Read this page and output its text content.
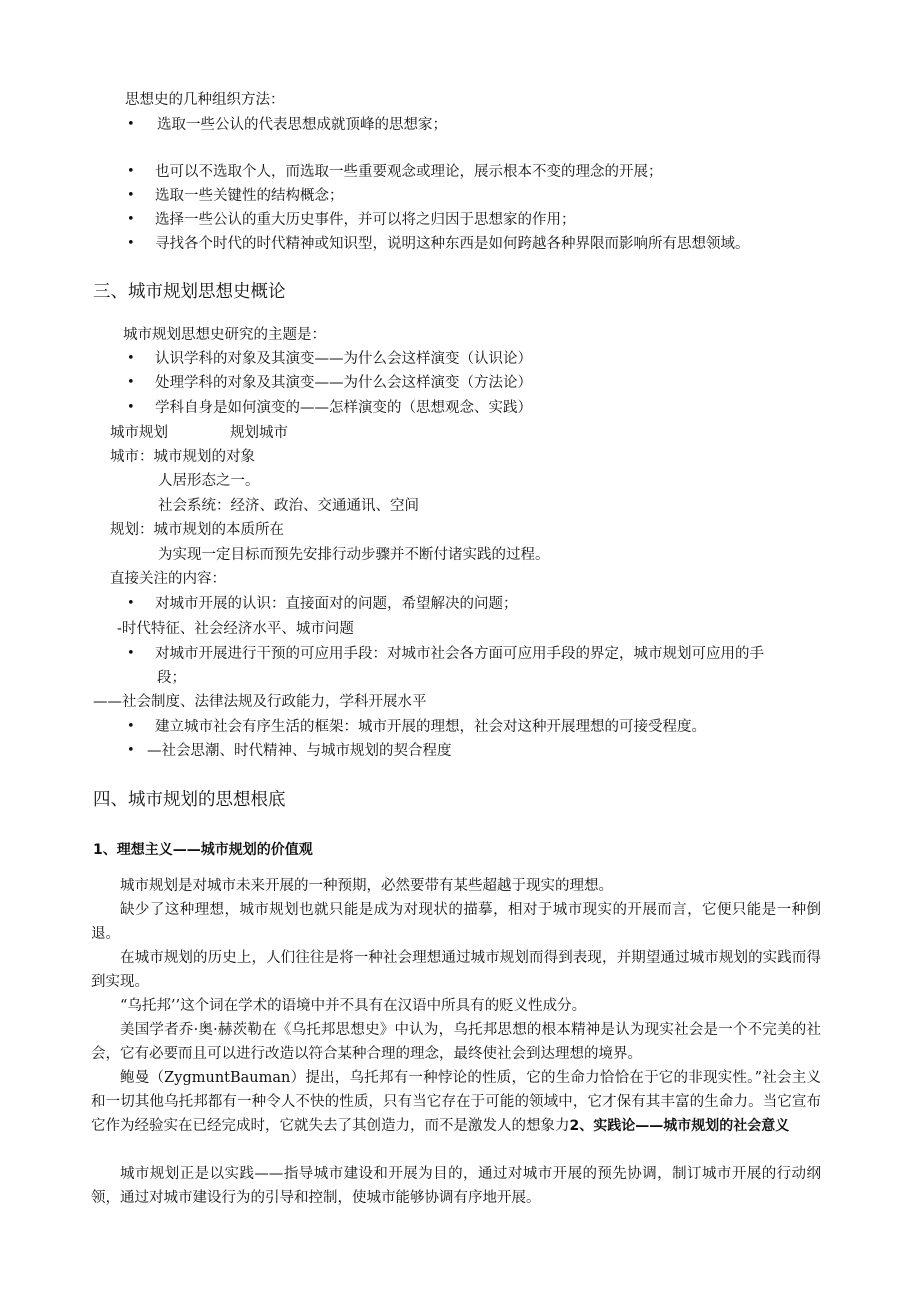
思想史的几种组织方法：
• 选取一些公认的代表思想成就顶峰的思想家；
• 也可以不选取个人，而选取一些重要观念或理论，展示根本不变的理念的开展；
• 选取一些关键性的结构概念；
• 选择一些公认的重大历史事件，并可以将之归因于思想家的作用；
• 寻找各个时代的时代精神或知识型，说明这种东西是如何跨越各种界限而影响所有思想领域。
三、城市规划思想史概论
城市规划思想史研究的主题是：
• 认识学科的对象及其演变——为什么会这样演变（认识论）
• 处理学科的对象及其演变——为什么会这样演变（方法论）
• 学科自身是如何演变的——怎样演变的（思想观念、实践）
城市规划	规划城市
城市：城市规划的对象
人居形态之一。
社会系统：经济、政治、交通通讯、空间
规划：城市规划的本质所在
为实现一定目标而预先安排行动步骤并不断付诸实践的过程。
直接关注的内容：
• 对城市开展的认识：直接面对的问题，希望解决的问题；
-时代特征、社会经济水平、城市问题
• 对城市开展进行干预的可应用手段：对城市社会各方面可应用手段的界定，城市规划可应用的手
段；
——社会制度、法律法规及行政能力，学科开展水平
• 建立城市社会有序生活的框架：城市开展的理想，社会对这种开展理想的可接受程度。
• —社会思潮、时代精神、与城市规划的契合程度
四、城市规划的思想根底
1、理想主义——城市规划的价值观
城市规划是对城市未来开展的一种预期，必然要带有某些超越于现实的理想。
缺少了这种理想，城市规划也就只能是成为对现状的描摹，相对于城市现实的开展而言，它便只能是一种倒退。
在城市规划的历史上，人们往往是将一种社会理想通过城市规划而得到表现，并期望通过城市规划的实践而得到实现。
“乌托邦’’这个词在学术的语境中并不具有在汉语中所具有的贬义性成分。
美国学者乔·奥·赫茨勒在《乌托邦思想史》中认为，乌托邦思想的根本精神是认为现实社会是一个不完美的社会，它有必要而且可以进行改造以符合某种合理的理念，最终使社会到达理想的境界。
鲍曼（ZygmuntBauman）提出，乌托邦有一种悖论的性质，它的生命力恰恰在于它的非现实性。”社会主义和一切其他乌托邦都有一种令人不快的性质，只有当它存在于可能的领域中，它才保有其丰富的生命力。当它宣布它作为经验实在已经完成时，它就失去了其创造力，而不是激发人的想象力2、实践论——城市规划的社会意义
城市规划正是以实践——指导城市建设和开展为目的，通过对城市开展的预先协调，制订城市开展的行动纲领，通过对城市建设行为的引导和控制，使城市能够协调有序地开展。
